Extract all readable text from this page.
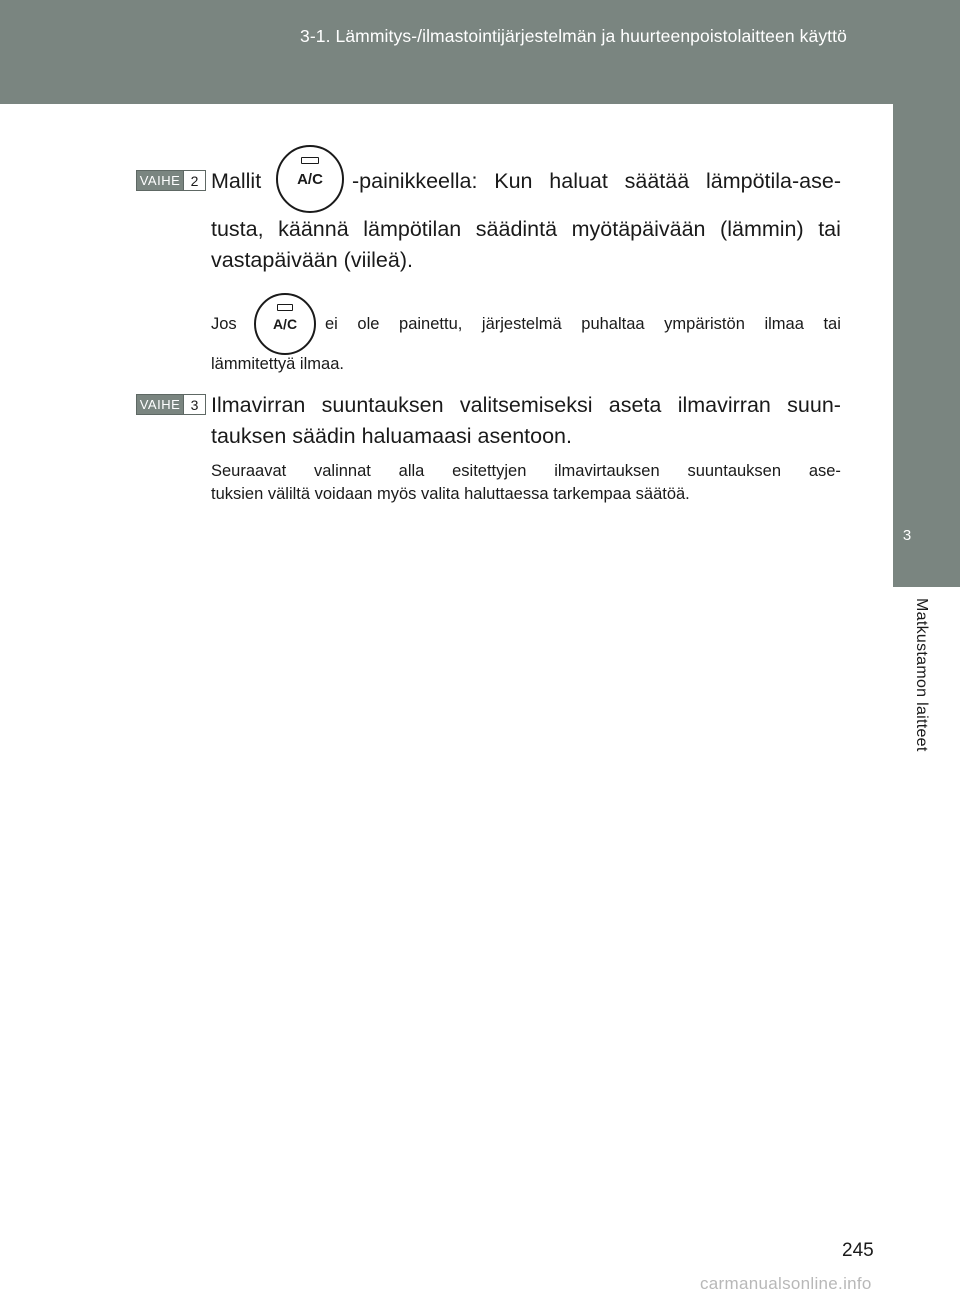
3-1. Lämmitys-/ilmastointijärjestelmän ja huurteenpoistolaitteen käyttö
3
Matkustamon laitteet
VAIHE 2 Mallit	-painikkeella: Kun haluat säätää lämpötila-ase-
A/C
tusta, käännä lämpötilan säädintä myötäpäivään (lämmin) tai
vastapäivään (viileä).
Jos	ei ole painettu, järjestelmä puhaltaa ympäristön ilmaa tai
A/C
lämmitettyä ilmaa.
VAIHE 3 Ilmavirran suuntauksen valitsemiseksi aseta ilmavirran suun-
tauksen säädin haluamaasi asentoon.
Seuraavat valinnat alla esitettyjen ilmavirtauksen suuntauksen ase-
tuksien väliltä voidaan myös valita haluttaessa tarkempaa säätöä.
245
carmanualsonline.info
